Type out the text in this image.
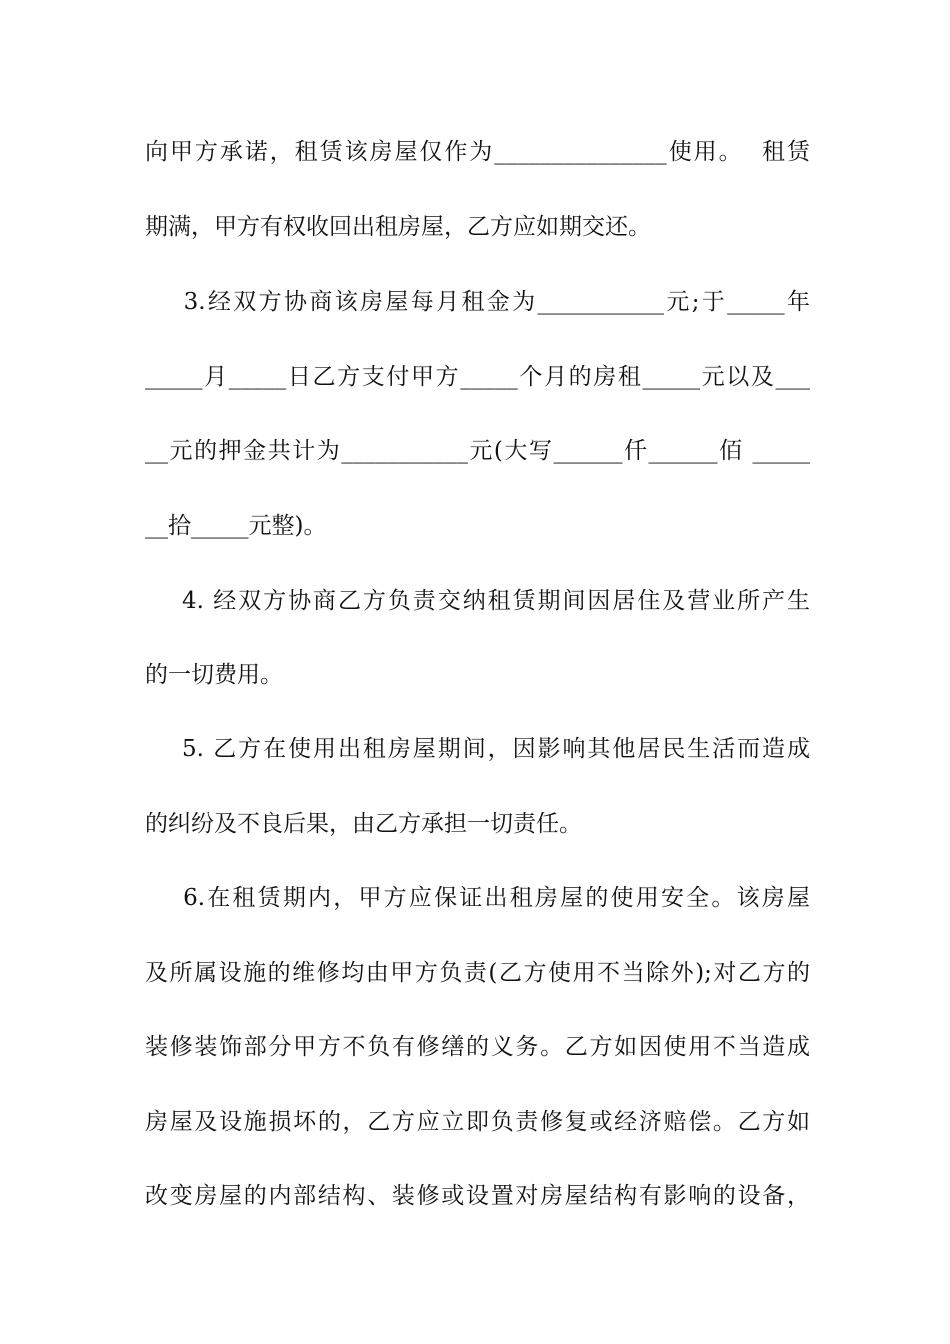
向甲方承诺，租赁该房屋仅作为_______________使用。  租赁

期满，甲方有权收回出租房屋，乙方应如期交还。

3.经双方协商该房屋每月租金为___________元;于_____年

_____月_____日乙方支付甲方_____个月的房租_____元以及___

__元的押金共计为___________元(大写______仟______佰 _____

__拾_____元整)。

4. 经双方协商乙方负责交纳租赁期间因居住及营业所产生

的一切费用。

5. 乙方在使用出租房屋期间，因影响其他居民生活而造成

的纠纷及不良后果，由乙方承担一切责任。

6.在租赁期内，甲方应保证出租房屋的使用安全。该房屋

及所属设施的维修均由甲方负责(乙方使用不当除外);对乙方的

装修装饰部分甲方不负有修缮的义务。乙方如因使用不当造成

房屋及设施损坏的，乙方应立即负责修复或经济赔偿。乙方如

改变房屋的内部结构、装修或设置对房屋结构有影响的设备，
